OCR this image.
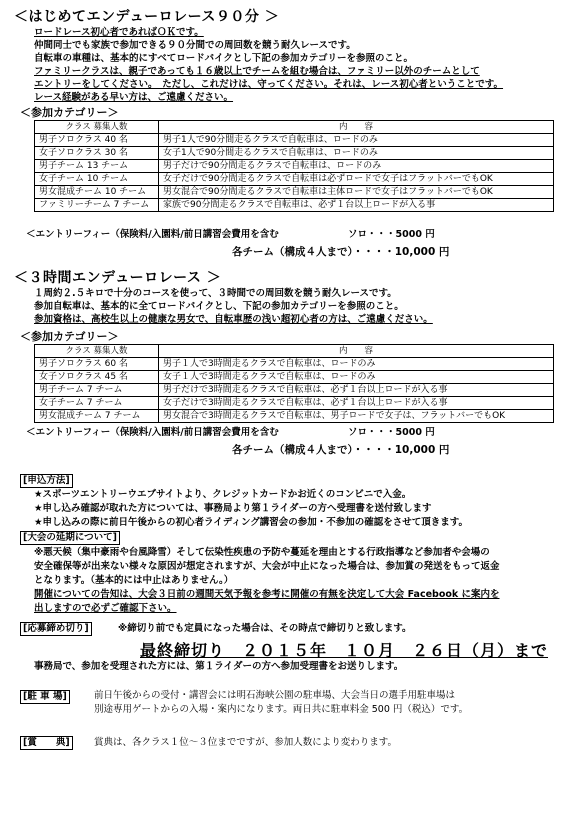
＜はじめてエンデューロレース９０分 ＞
ロードレース初心者であればＯＫです。
仲間同士でも家族で参加できる９０分間での周回数を競う耐久レースです。
自転車の車種は、基本的にすべてロードバイクとし下記の参加カテゴリーを参照のこと。
ファミリークラスは、親子であっても１６歳以上でチームを組む場合は、ファミリー以外のチームとして
エントリーをしてください。　ただし、これだけは、守ってください。それは、レース初心者ということです。
レース経験がある早い方は、ご遠慮ください。
＜参加カテゴリー＞
クラス 募集人数	内　　容
男子ソロクラス 40 名	男子1人で90分間走るクラスで自転車は、ロードのみ
女子ソロクラス 30 名	女子1人で90分間走るクラスで自転車は、ロードのみ
男子チーム 13 チーム	男子だけで90分間走るクラスで自転車は、ロードのみ
女子チーム 10 チーム	女子だけで90分間走るクラスで自転車は必ずロードで女子はフラットバーでもOK
男女混成チーム 10 チーム	男女混合で90分間走るクラスで自転車は主体ロードで女子はフラットバーでもOK
ファミリーチーム 7 チーム	家族で90分間走るクラスで自転車は、必ず１台以上ロードが入る事
＜エントリーフィー（保険料/入園料/前日講習会費用を含む	ソロ・・・5000 円
各チーム（構成４人まで）・・・・10,000 円
＜３時間エンデューロレース ＞
１周約２.５キロで十分のコースを使って、３時間での周回数を競う耐久レースです。
参加自転車は、基本的に全てロードバイクとし、下記の参加カテゴリーを参照のこと。
参加資格は、高校生以上の健康な男女で、自転車歴の浅い超初心者の方は、ご遠慮ください。
＜参加カテゴリー＞
クラス 募集人数	内　　容
男子ソロクラス 60 名	男子１人で3時間走るクラスで自転車は、ロードのみ
女子ソロクラス 45 名	女子１人で3時間走るクラスで自転車は、ロードのみ
男子チーム 7 チーム	男子だけで3時間走るクラスで自転車は、必ず１台以上ロードが入る事
女子チーム 7 チーム	女子だけで3時間走るクラスで自転車は、必ず１台以上ロードが入る事
男女混成チーム 7 チーム	男女混合で3時間走るクラスで自転車は、男子ロードで女子は、フラットバーでもOK
＜エントリーフィー（保険料/入園料/前日講習会費用を含む	ソロ・・・5000 円
各チーム（構成４人まで）・・・・10,000 円
[申込方法]
★スポーツエントリーウエブサイトより、クレジットカードかお近くのコンビニで入金。
★申し込み確認が取れた方については、事務局より第１ライダーの方へ受理書を送付致します
★申し込みの際に前日午後からの初心者ライディング講習会の参加・不参加の確認をさせて頂きます。
[大会の延期について]
※悪天候（集中豪雨や台風降雪）そして伝染性疾患の予防や蔓延を理由とする行政指導など参加者や会場の
安全確保等が出来ない様々な原因が想定されますが、大会が中止になった場合は、参加賞の発送をもって返金
となります。（基本的には中止はありません。）
開催についての告知は、大会３日前の週間天気予報を参考に開催の有無を決定して大会 Facebook に案内を
出しますので必ずご確認下さい。
[応募締め切り]	※締切り前でも定員になった場合は、その時点で締切りと致します。
最終締切り　２０１５年　１０月　２６日（月）まで
事務局で、参加を受理された方には、第１ライダーの方へ参加受理書をお送りします。
[駐 車 場]	前日午後からの受付・講習会には明石海峡公園の駐車場、大会当日の選手用駐車場は
別途専用ゲートからの入場・案内になります。両日共に駐車料金 500 円（税込）です。
[賞　　典]	賞典は、各クラス１位～３位までですが、参加人数により変わります。
